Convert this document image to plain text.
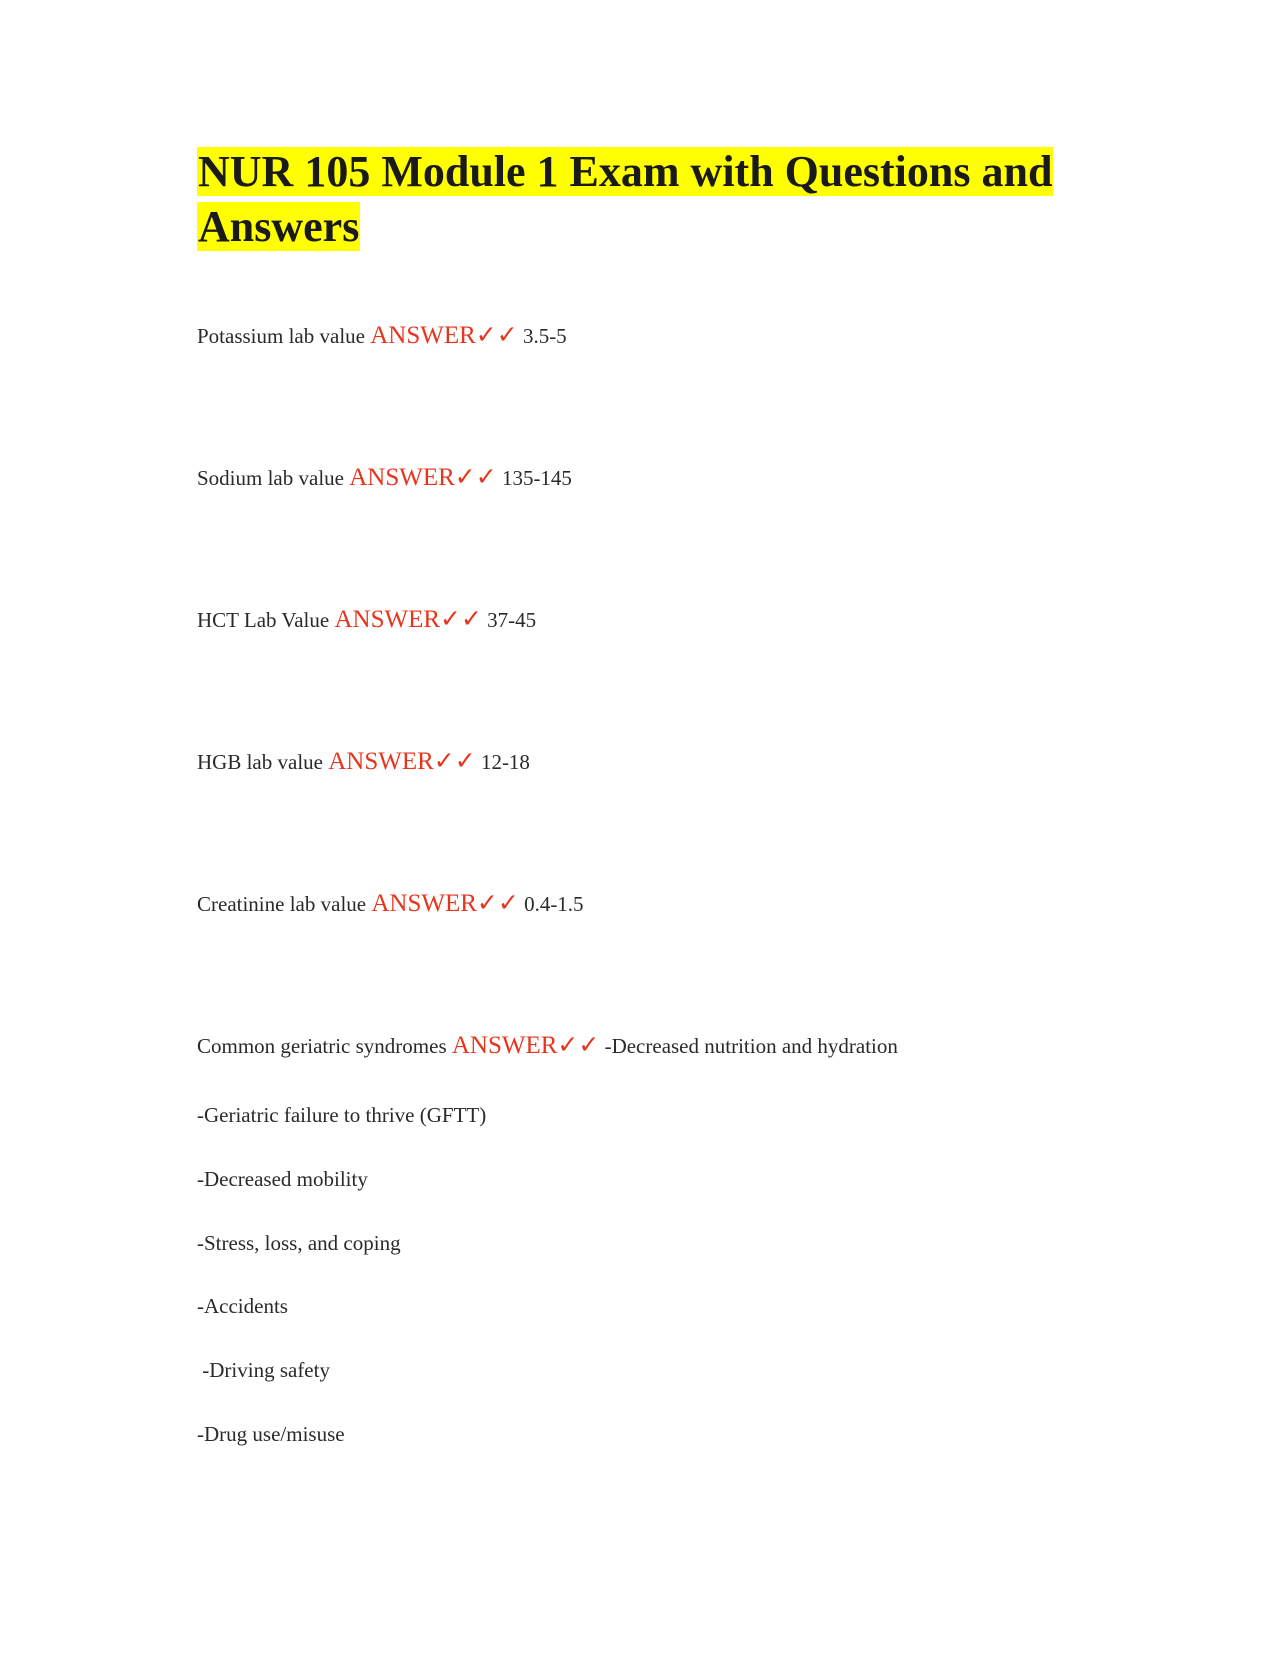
NUR 105 Module 1 Exam with Questions and Answers

Potassium lab value ANSWER✓✓ 3.5-5

Sodium lab value ANSWER✓✓ 135-145

HCT Lab Value ANSWER✓✓ 37-45

HGB lab value ANSWER✓✓ 12-18

Creatinine lab value ANSWER✓✓ 0.4-1.5

Common geriatric syndromes ANSWER✓✓ -Decreased nutrition and hydration

-Geriatric failure to thrive (GFTT)

-Decreased mobility

-Stress, loss, and coping

-Accidents

-Driving safety

-Drug use/misuse
